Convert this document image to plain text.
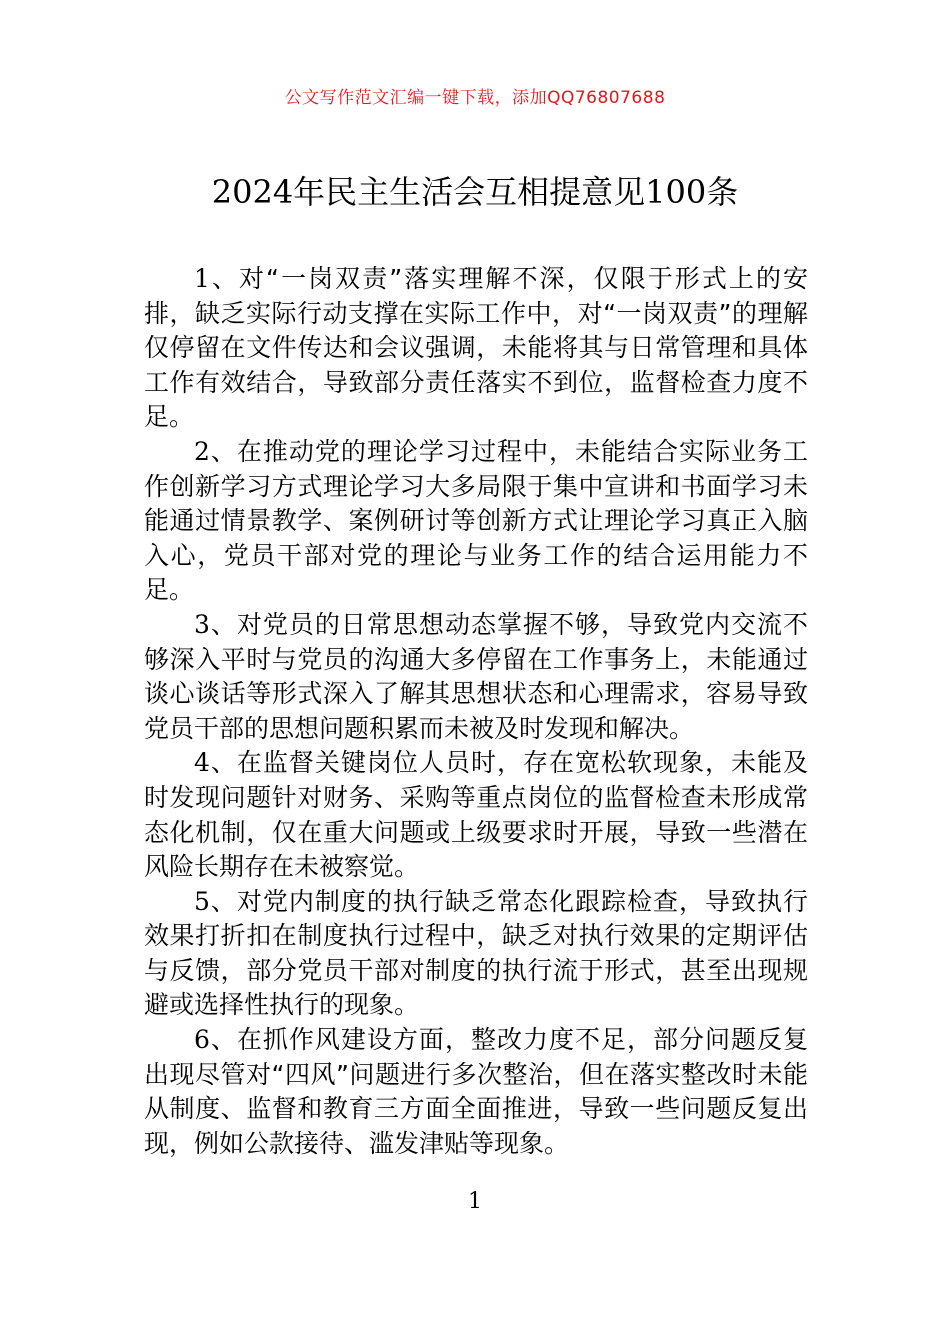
公文写作范文汇编一键下载，添加QQ76807688
2024年民主生活会互相提意见100条

1、对“一岗双责”落实理解不深，仅限于形式上的安排，缺乏实际行动支撑在实际工作中，对“一岗双责”的理解仅停留在文件传达和会议强调，未能将其与日常管理和具体工作有效结合，导致部分责任落实不到位，监督检查力度不足。

2、在推动党的理论学习过程中，未能结合实际业务工作创新学习方式理论学习大多局限于集中宣讲和书面学习未能通过情景教学、案例研讨等创新方式让理论学习真正入脑入心，党员干部对党的理论与业务工作的结合运用能力不足。

3、对党员的日常思想动态掌握不够，导致党内交流不够深入平时与党员的沟通大多停留在工作事务上，未能通过谈心谈话等形式深入了解其思想状态和心理需求，容易导致党员干部的思想问题积累而未被及时发现和解决。

4、在监督关键岗位人员时，存在宽松软现象，未能及时发现问题针对财务、采购等重点岗位的监督检查未形成常态化机制，仅在重大问题或上级要求时开展，导致一些潜在风险长期存在未被察觉。

5、对党内制度的执行缺乏常态化跟踪检查，导致执行效果打折扣在制度执行过程中，缺乏对执行效果的定期评估与反馈，部分党员干部对制度的执行流于形式，甚至出现规避或选择性执行的现象。

6、在抓作风建设方面，整改力度不足，部分问题反复出现尽管对“四风”问题进行多次整治，但在落实整改时未能从制度、监督和教育三方面全面推进，导致一些问题反复出现，例如公款接待、滥发津贴等现象。

1
